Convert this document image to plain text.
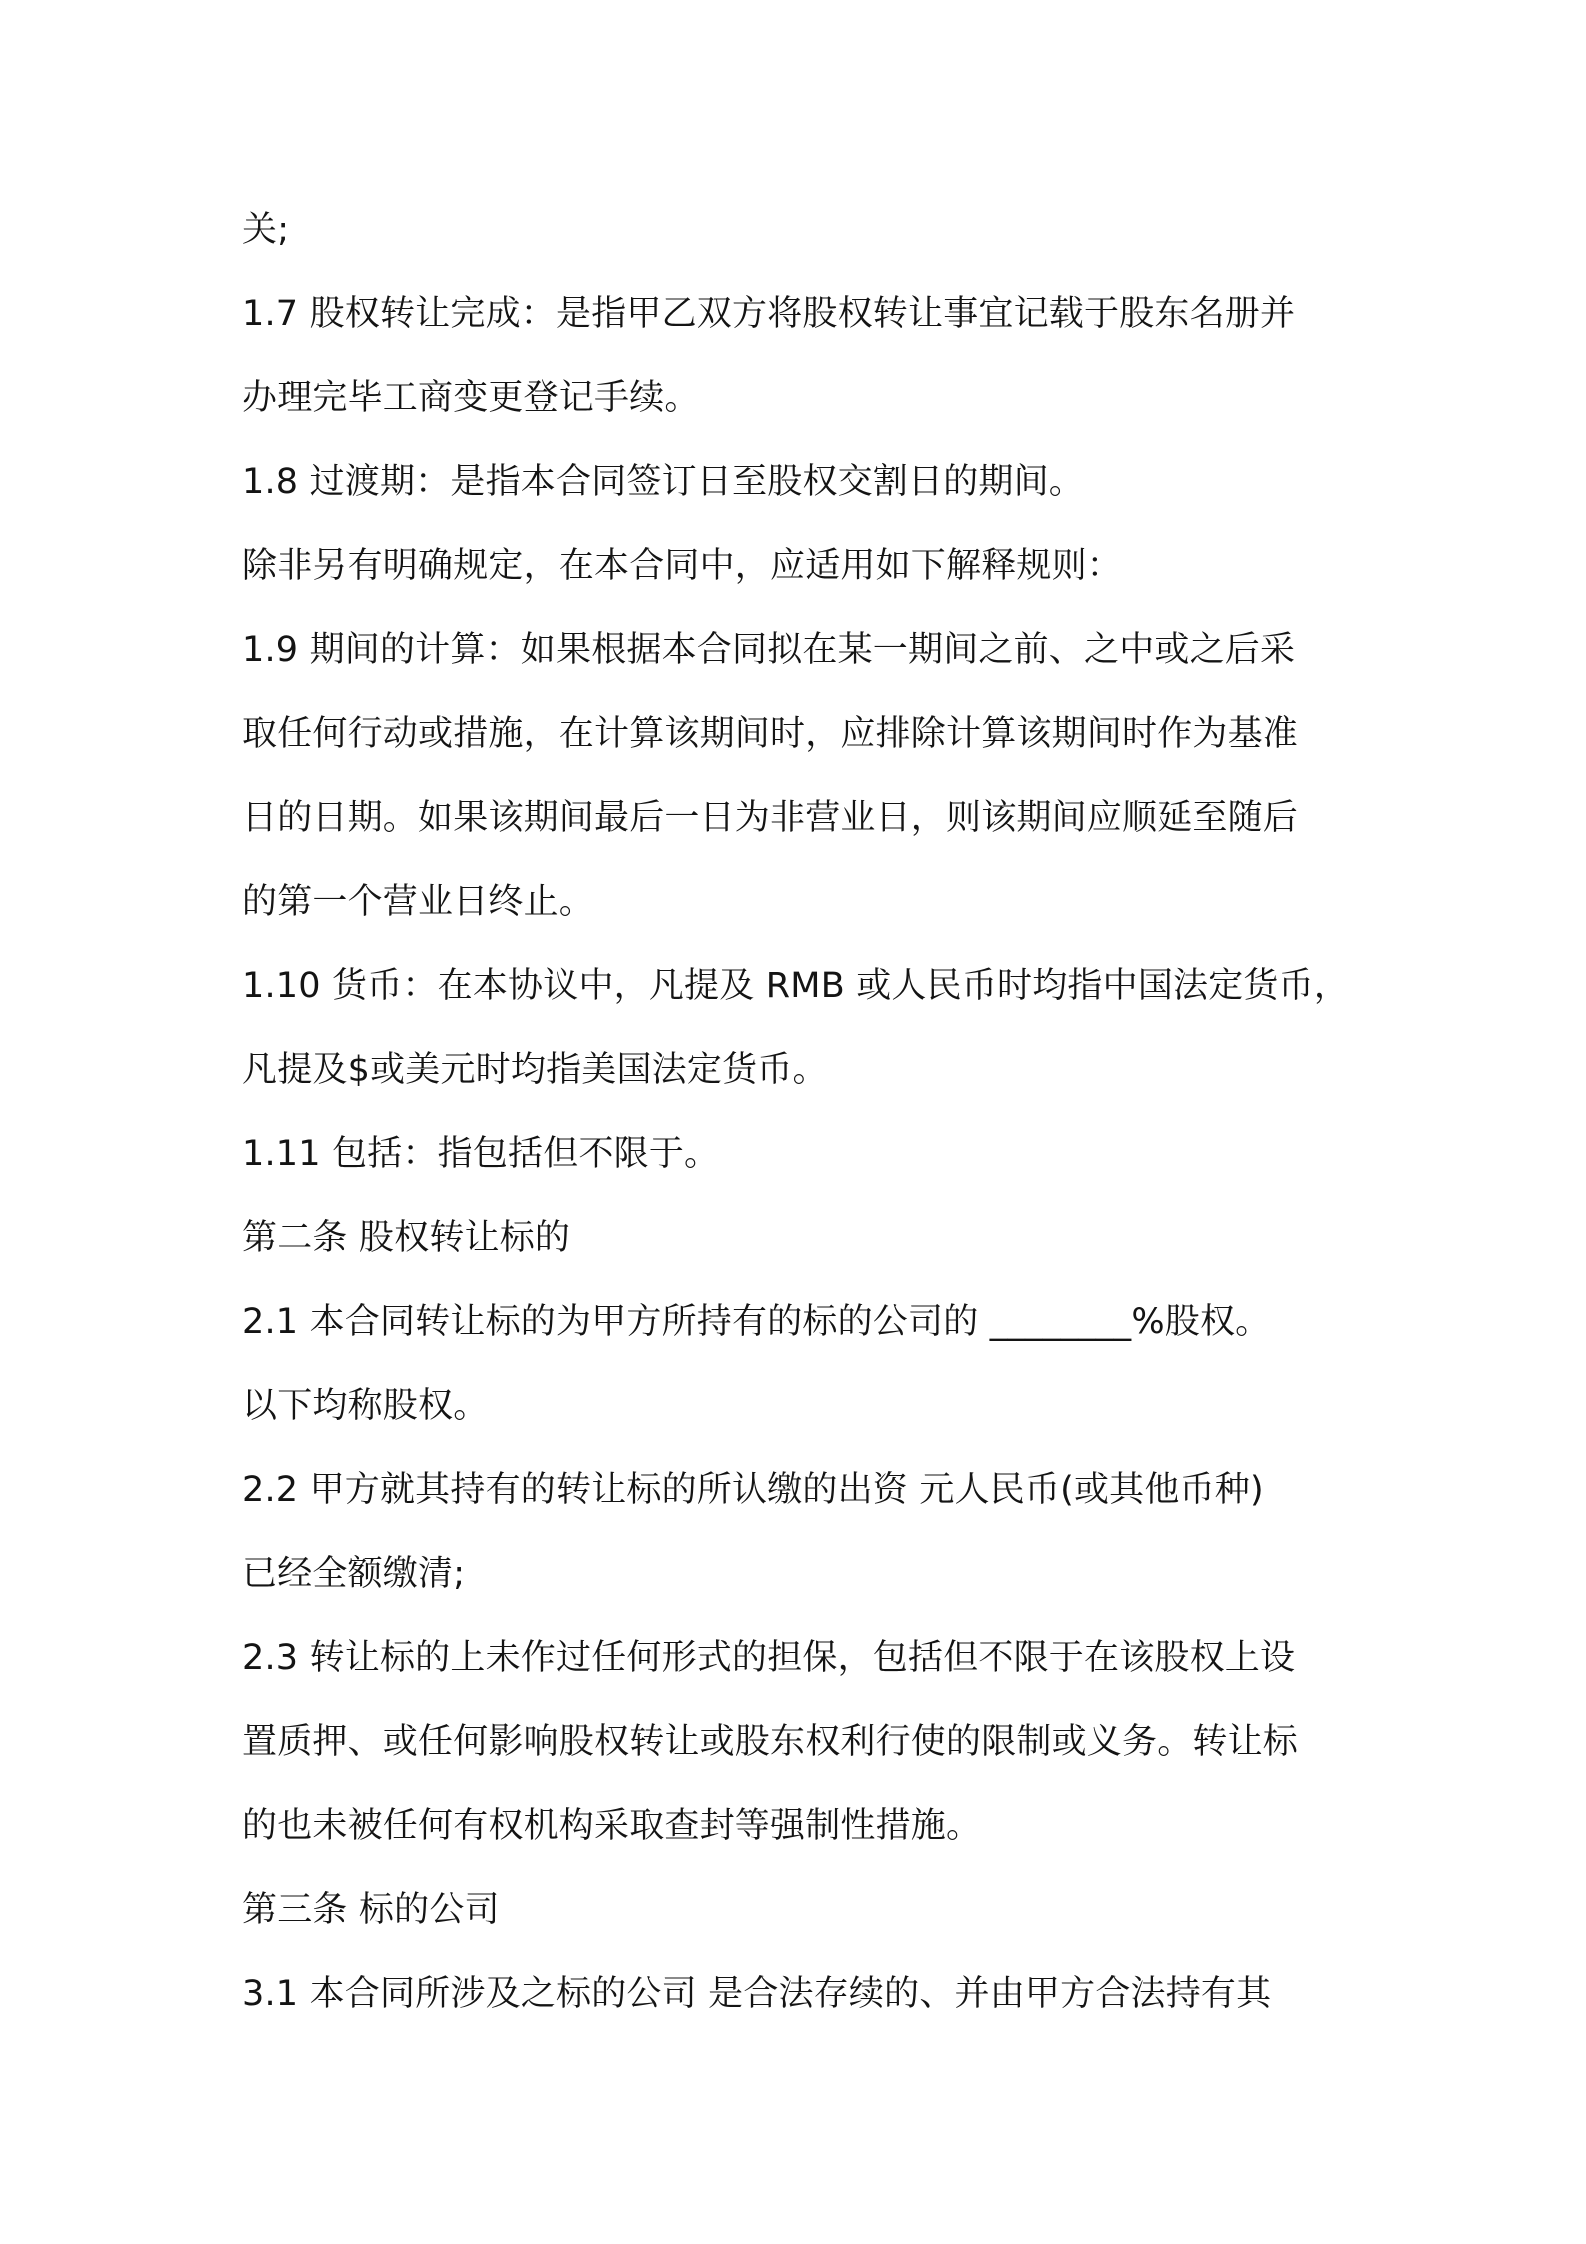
关;
1.7 股权转让完成：是指甲乙双方将股权转让事宜记载于股东名册并
办理完毕工商变更登记手续。
1.8 过渡期：是指本合同签订日至股权交割日的期间。
除非另有明确规定，在本合同中，应适用如下解释规则：
1.9 期间的计算：如果根据本合同拟在某一期间之前、之中或之后采
取任何行动或措施，在计算该期间时，应排除计算该期间时作为基准
日的日期。如果该期间最后一日为非营业日，则该期间应顺延至随后
的第一个营业日终止。
1.10 货币：在本协议中，凡提及 RMB 或人民币时均指中国法定货币，
凡提及$或美元时均指美国法定货币。
1.11 包括：指包括但不限于。
第二条 股权转让标的
2.1 本合同转让标的为甲方所持有的标的公司的 ________%股权。
以下均称股权。
2.2 甲方就其持有的转让标的所认缴的出资 元人民币(或其他币种)
已经全额缴清;
2.3 转让标的上未作过任何形式的担保，包括但不限于在该股权上设
置质押、或任何影响股权转让或股东权利行使的限制或义务。转让标
的也未被任何有权机构采取查封等强制性措施。
第三条 标的公司
3.1 本合同所涉及之标的公司 是合法存续的、并由甲方合法持有其
